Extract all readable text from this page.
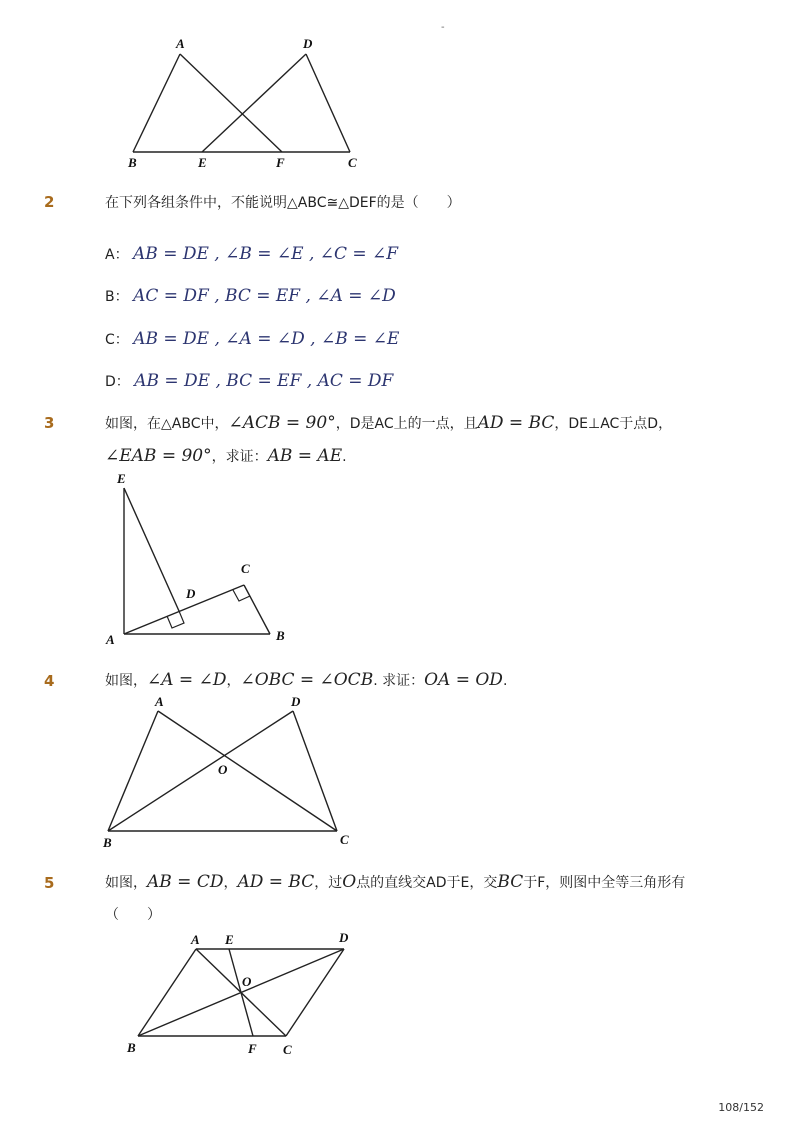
-
A	D
B	E	F	C
2	在下列各组条件中，不能说明△ABC≅△DEF的是（　　）
A： AB = DE , ∠B = ∠E , ∠C = ∠F
B： AC = DF , BC = EF , ∠A = ∠D
C： AB = DE , ∠A = ∠D , ∠B = ∠E
D： AB = DE , BC = EF , AC = DF
3	如图，在△ABC中，∠ACB = 90°，D是AC上的一点，且AD = BC，DE⊥AC于点D，
∠EAB = 90°，求证：AB = AE.
E
C
D
A	B
4	如图，∠A = ∠D，∠OBC = ∠OCB. 求证：OA = OD.
A	D
O
B	C
5	如图，AB = CD，AD = BC，过O点的直线交AD于E，交BC于F，则图中全等三角形有
（　　）
A E	D
O
B	F C
108/152
